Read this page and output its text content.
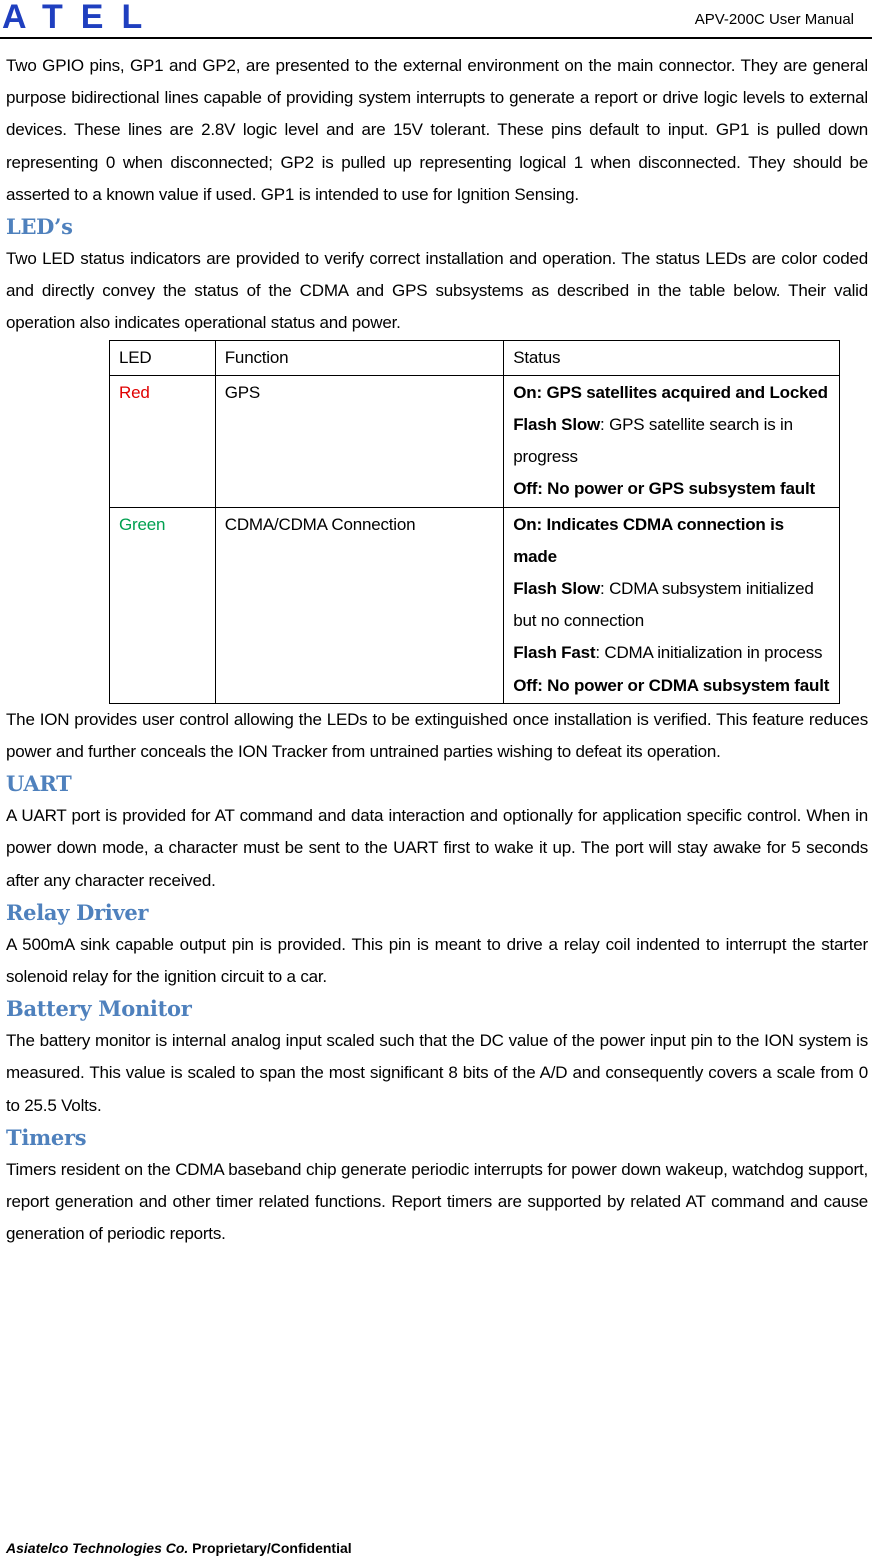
ATEL	APV-200C User Manual

Two GPIO pins, GP1 and GP2, are presented to the external environment on the main connector. They are general purpose bidirectional lines capable of providing system interrupts to generate a report or drive logic levels to external devices. These lines are 2.8V logic level and are 15V tolerant. These pins default to input. GP1 is pulled down representing 0 when disconnected; GP2 is pulled up representing logical 1 when disconnected. They should be asserted to a known value if used. GP1 is intended to use for Ignition Sensing.

LED’s

Two LED status indicators are provided to verify correct installation and operation. The status LEDs are color coded and directly convey the status of the CDMA and GPS subsystems as described in the table below. Their valid operation also indicates operational status and power.

LED	Function	Status
Red	GPS	On: GPS satellites acquired and Locked
Flash Slow: GPS satellite search is in progress
Off: No power or GPS subsystem fault

Green	CDMA/CDMA Connection	On: Indicates CDMA connection is made
Flash Slow: CDMA subsystem initialized but no connection
Flash Fast: CDMA initialization in process
Off: No power or CDMA subsystem fault

The ION provides user control allowing the LEDs to be extinguished once installation is verified. This feature reduces power and further conceals the ION Tracker from untrained parties wishing to defeat its operation.

UART

A UART port is provided for AT command and data interaction and optionally for application specific control. When in power down mode, a character must be sent to the UART first to wake it up. The port will stay awake for 5 seconds after any character received.

Relay Driver

A 500mA sink capable output pin is provided. This pin is meant to drive a relay coil indented to interrupt the starter solenoid relay for the ignition circuit to a car.

Battery Monitor

The battery monitor is internal analog input scaled such that the DC value of the power input pin to the ION system is measured. This value is scaled to span the most significant 8 bits of the A/D and consequently covers a scale from 0 to 25.5 Volts.

Timers

Timers resident on the CDMA baseband chip generate periodic interrupts for power down wakeup, watchdog support, report generation and other timer related functions. Report timers are supported by related AT command and cause generation of periodic reports.

Asiatelco Technologies Co. Proprietary/Confidential
